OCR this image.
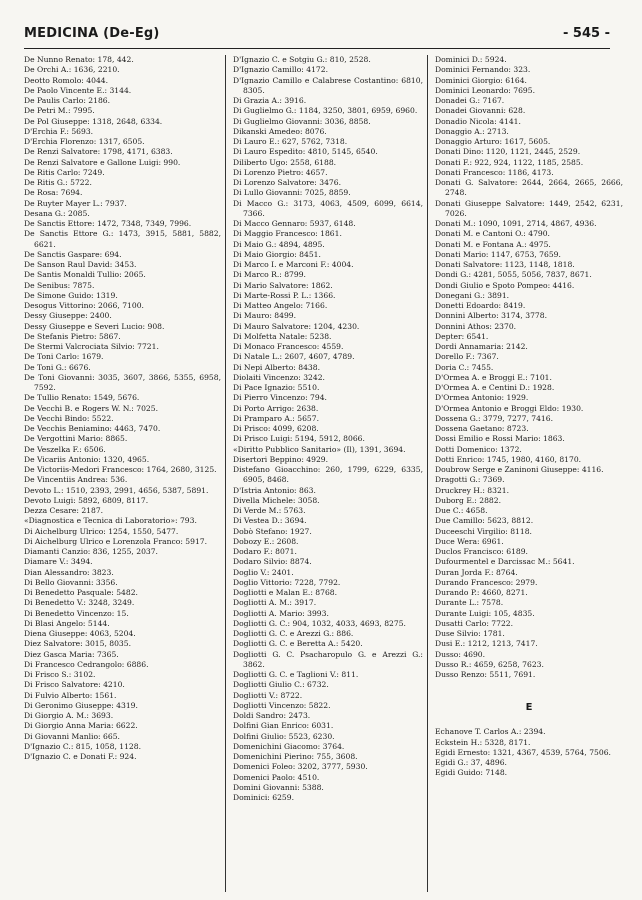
MEDICINA (De-Eg)	- 545 -

De Nunno Renato: 178, 442.

De Orchi A.: 1636, 2210.

Deotto Romolo: 4044.

De Paolo Vincente E.: 3144.

De Paulis Carlo: 2186.

De Petri M.: 7995.

De Pol Giuseppe: 1318, 2648, 6334.

D'Erchia F.: 5693.

D'Erchia Florenzo: 1317, 6505.

De Renzi Salvatore: 1798, 4171, 6383.

De Renzi Salvatore e Gallone Luigi: 990.

De Ritis Carlo: 7249.

De Ritis G.: 5722.

De Rosa: 7694.

De Ruyter Mayer L.: 7937.

Desana G.: 2085.

De Sanctis Ettore: 1472, 7348, 7349, 7996.

De Sanctis Ettore G.: 1473, 3915, 5881, 5882, 6621.

De Sanctis Gaspare: 694.

De Sanson Raul David: 3453.

De Santis Monaldi Tullio: 2065.

De Senibus: 7875.

De Simone Guido: 1319.

Desogus Vittorino: 2066, 7100.

Dessy Giuseppe: 2400.

Dessy Giuseppe e Severi Lucio: 908.

De Stefanis Pietro: 5867.

De Stermi Valcrociata Silvio: 7721.

De Toni Carlo: 1679.

De Toni G.: 6676.

De Toni Giovanni: 3035, 3607, 3866, 5355, 6958, 7592.

De Tullio Renato: 1549, 5676.

De Vecchi B. e Rogers W. N.: 7025.

De Vecchi Bindo: 5522.

De Vecchis Beniamino: 4463, 7470.

De Vergottini Mario: 8865.

De Veszelka F.: 6506.

De Vicariis Antonio: 1320, 4965.

De Victoriis-Medori Francesco: 1764, 2680, 3125.

De Vincentiis Andrea: 536.

Devoto L.: 1510, 2393, 2991, 4656, 5387, 5891.

Devoto Luigi: 5892, 6809, 8117.

Dezza Cesare: 2187.

«Diagnostica e Tecnica di Laboratorio»: 793.

Di Aichelburg Ulrico: 1254, 1550, 5477.

Di Aichelburg Ulrico e Lorenzola Franco: 5917.

Diamanti Canzio: 836, 1255, 2037.

Diamare V.: 3494.

Dian Alessandro: 3823.

Di Bello Giovanni: 3356.

Di Benedetto Pasquale: 5482.

Di Benedetto V.: 3248, 3249.

Di Benedetto Vincenzo: 15.

Di Blasi Angelo: 5144.

Diena Giuseppe: 4063, 5204.

Diez Salvatore: 3015, 8035.

Diez Gasca Maria: 7365.

Di Francesco Cedrangolo: 6886.

Di Frisco S.: 3102.

Di Frisco Salvatore: 4210.

Di Fulvio Alberto: 1561.

Di Geronimo Giuseppe: 4319.

Di Giorgio A. M.: 3693.

Di Giorgio Anna Maria: 6622.

Di Giovanni Manlio: 665.

D'Ignazio C.: 815, 1058, 1128.

D'Ignazio C. e Donati F.: 924.

D'Ignazio C. e Sotgiu G.: 810, 2528.

D'Ignazio Camillo: 4172.

D'Ignazio Camillo e Calabrese Costantino: 6810, 8305.

Di Grazia A.: 3916.

Di Guglielmo G.: 1184, 3250, 3801, 6959, 6960.

Di Guglielmo Giovanni: 3036, 8858.

Dikanski Amedeo: 8076.

Di Lauro E.: 627, 5762, 7318.

Di Lauro Espedito: 4810, 5145, 6540.

Diliberto Ugo: 2558, 6188.

Di Lorenzo Pietro: 4657.

Di Lorenzo Salvatore: 3476.

Di Lullo Giovanni: 7025, 8859.

Di Macco G.: 3173, 4063, 4509, 6099, 6614, 7366.

Di Macco Gennaro: 5937, 6148.

Di Maggio Francesco: 1861.

Di Maio G.: 4894, 4895.

Di Maio Giorgio: 8451.

Di Marco I. e Marconi F.: 4004.

Di Marco R.: 8799.

Di Mario Salvatore: 1862.

Di Marte-Rossi P. L.: 1366.

Di Matteo Angelo: 7166.

Di Mauro: 8499.

Di Mauro Salvatore: 1204, 4230.

Di Molfetta Natale: 5238.

Di Monaco Francesco: 4559.

Di Natale L.: 2607, 4607, 4789.

Di Nepi Alberto: 8438.

Diolaiti Vincenzo: 3242.

Di Pace Ignazio: 5510.

Di Pierro Vincenzo: 794.

Di Porto Arrigo: 2638.

Di Pramparo A.: 5657.

Di Prisco: 4099, 6208.

Di Prisco Luigi: 5194, 5912, 8066.

«Diritto Pubblico Sanitario» (Il), 1391, 3694.

Disertori Beppino: 4929.

Distefano Gioacchino: 260, 1799, 6229, 6335, 6905, 8468.

D'Istria Antonio: 863.

Divella Michele: 3058.

Di Verde M.: 5763.

Di Vestea D.: 3694.

Dobò Stefano: 1927.

Dobozy E.: 2608.

Dodaro F.: 8071.

Dodaro Silvio: 8874.

Doglio V.: 2401.

Doglio Vittorio: 7228, 7792.

Dogliotti e Malan E.: 8768.

Dogliotti A. M.: 3917.

Dogliotti A. Mario: 3993.

Dogliotti G. C.: 904, 1032, 4033, 4693, 8275.

Dogliotti G. C. e Arezzi G.: 886.

Dogliotti G. C. e Beretta A.: 5420.

Dogliotti G. C. Psacharopulo G. e Arezzi G.: 3862.

Dogliotti G. C. e Taglioni V.: 811.

Dogliotti Giulio C.: 6732.

Dogliotti V.: 8722.

Dogliotti Vincenzo: 5822.

Doldi Sandro: 2473.

Dolfini Gian Enrico: 6031.

Dolfini Giulio: 5523, 6230.

Domenichini Giacomo: 3764.

Domenichini Pierino: 755, 3608.

Domenici Foleo: 3202, 3777, 5930.

Domenici Paolo: 4510.

Domini Giovanni: 5388.

Dominici: 6259.

Dominici D.: 5924.

Dominici Fernando: 323.

Dominici Giorgio: 6164.

Dominici Leonardo: 7695.

Donadei G.: 7167.

Donadei Giovanni: 628.

Donadio Nicola: 4141.

Donaggio A.: 2713.

Donaggio Arturo: 1617, 5605.

Donati Dino: 1120, 1121, 2445, 2529.

Donati F.: 922, 924, 1122, 1185, 2585.

Donati Francesco: 1186, 4173.

Donati G. Salvatore: 2644, 2664, 2665, 2666, 2748.

Donati Giuseppe Salvatore: 1449, 2542, 6231, 7026.

Donati M.: 1090, 1091, 2714, 4867, 4936.

Donati M. e Cantoni O.: 4790.

Donati M. e Fontana A.: 4975.

Donati Mario: 1147, 6753, 7659.

Donati Salvatore: 1123, 1148, 1818.

Dondi G.: 4281, 5055, 5056, 7837, 8671.

Dondi Giulio e Spoto Pompeo: 4416.

Donegani G.: 3891.

Donetti Edoardo: 8419.

Donnini Alberto: 3174, 3778.

Donnini Athos: 2370.

Depter: 6541.

Dordi Annamaria: 2142.

Dorello F.: 7367.

Doria C.: 7455.

D'Ormea A. e Broggi E.: 7101.

D'Ormea A. e Centini D.: 1928.

D'Ormea Antonio: 1929.

D'Ormea Antonio e Broggi Eldo: 1930.

Dossena G.: 3779, 7277, 7416.

Dossena Gaetano: 8723.

Dossi Emilio e Rossi Mario: 1863.

Dotti Domenico: 1372.

Dotti Enrico: 1745, 1980, 4160, 8170.

Doubrow Serge e Zaninoni Giuseppe: 4116.

Dragotti G.: 7369.

Druckrey H.: 8321.

Duborg E.: 2882.

Due C.: 4658.

Due Camillo: 5623, 8812.

Duceeschi Virgilio: 8118.

Duce Wera: 6961.

Duclos Francisco: 6189.

Dufourmentel e Darcissac M.: 5641.

Duran Jorda F.: 8764.

Durando Francesco: 2979.

Durando P.: 4660, 8271.

Durante L.: 7578.

Durante Luigi: 105, 4835.

Dusatti Carlo: 7722.

Duse Silvio: 1781.

Dusi E.: 1212, 1213, 7417.

Dusso: 4690.

Dusso R.: 4659, 6258, 7623.

Dusso Renzo: 5511, 7691.

E

Echanove T. Carlos A.: 2394.

Eckstein H.: 5328, 8171.

Egidi Ernesto: 1321, 4367, 4539, 5764, 7506.

Egidi G.: 37, 4896.

Egidi Guido: 7148.
